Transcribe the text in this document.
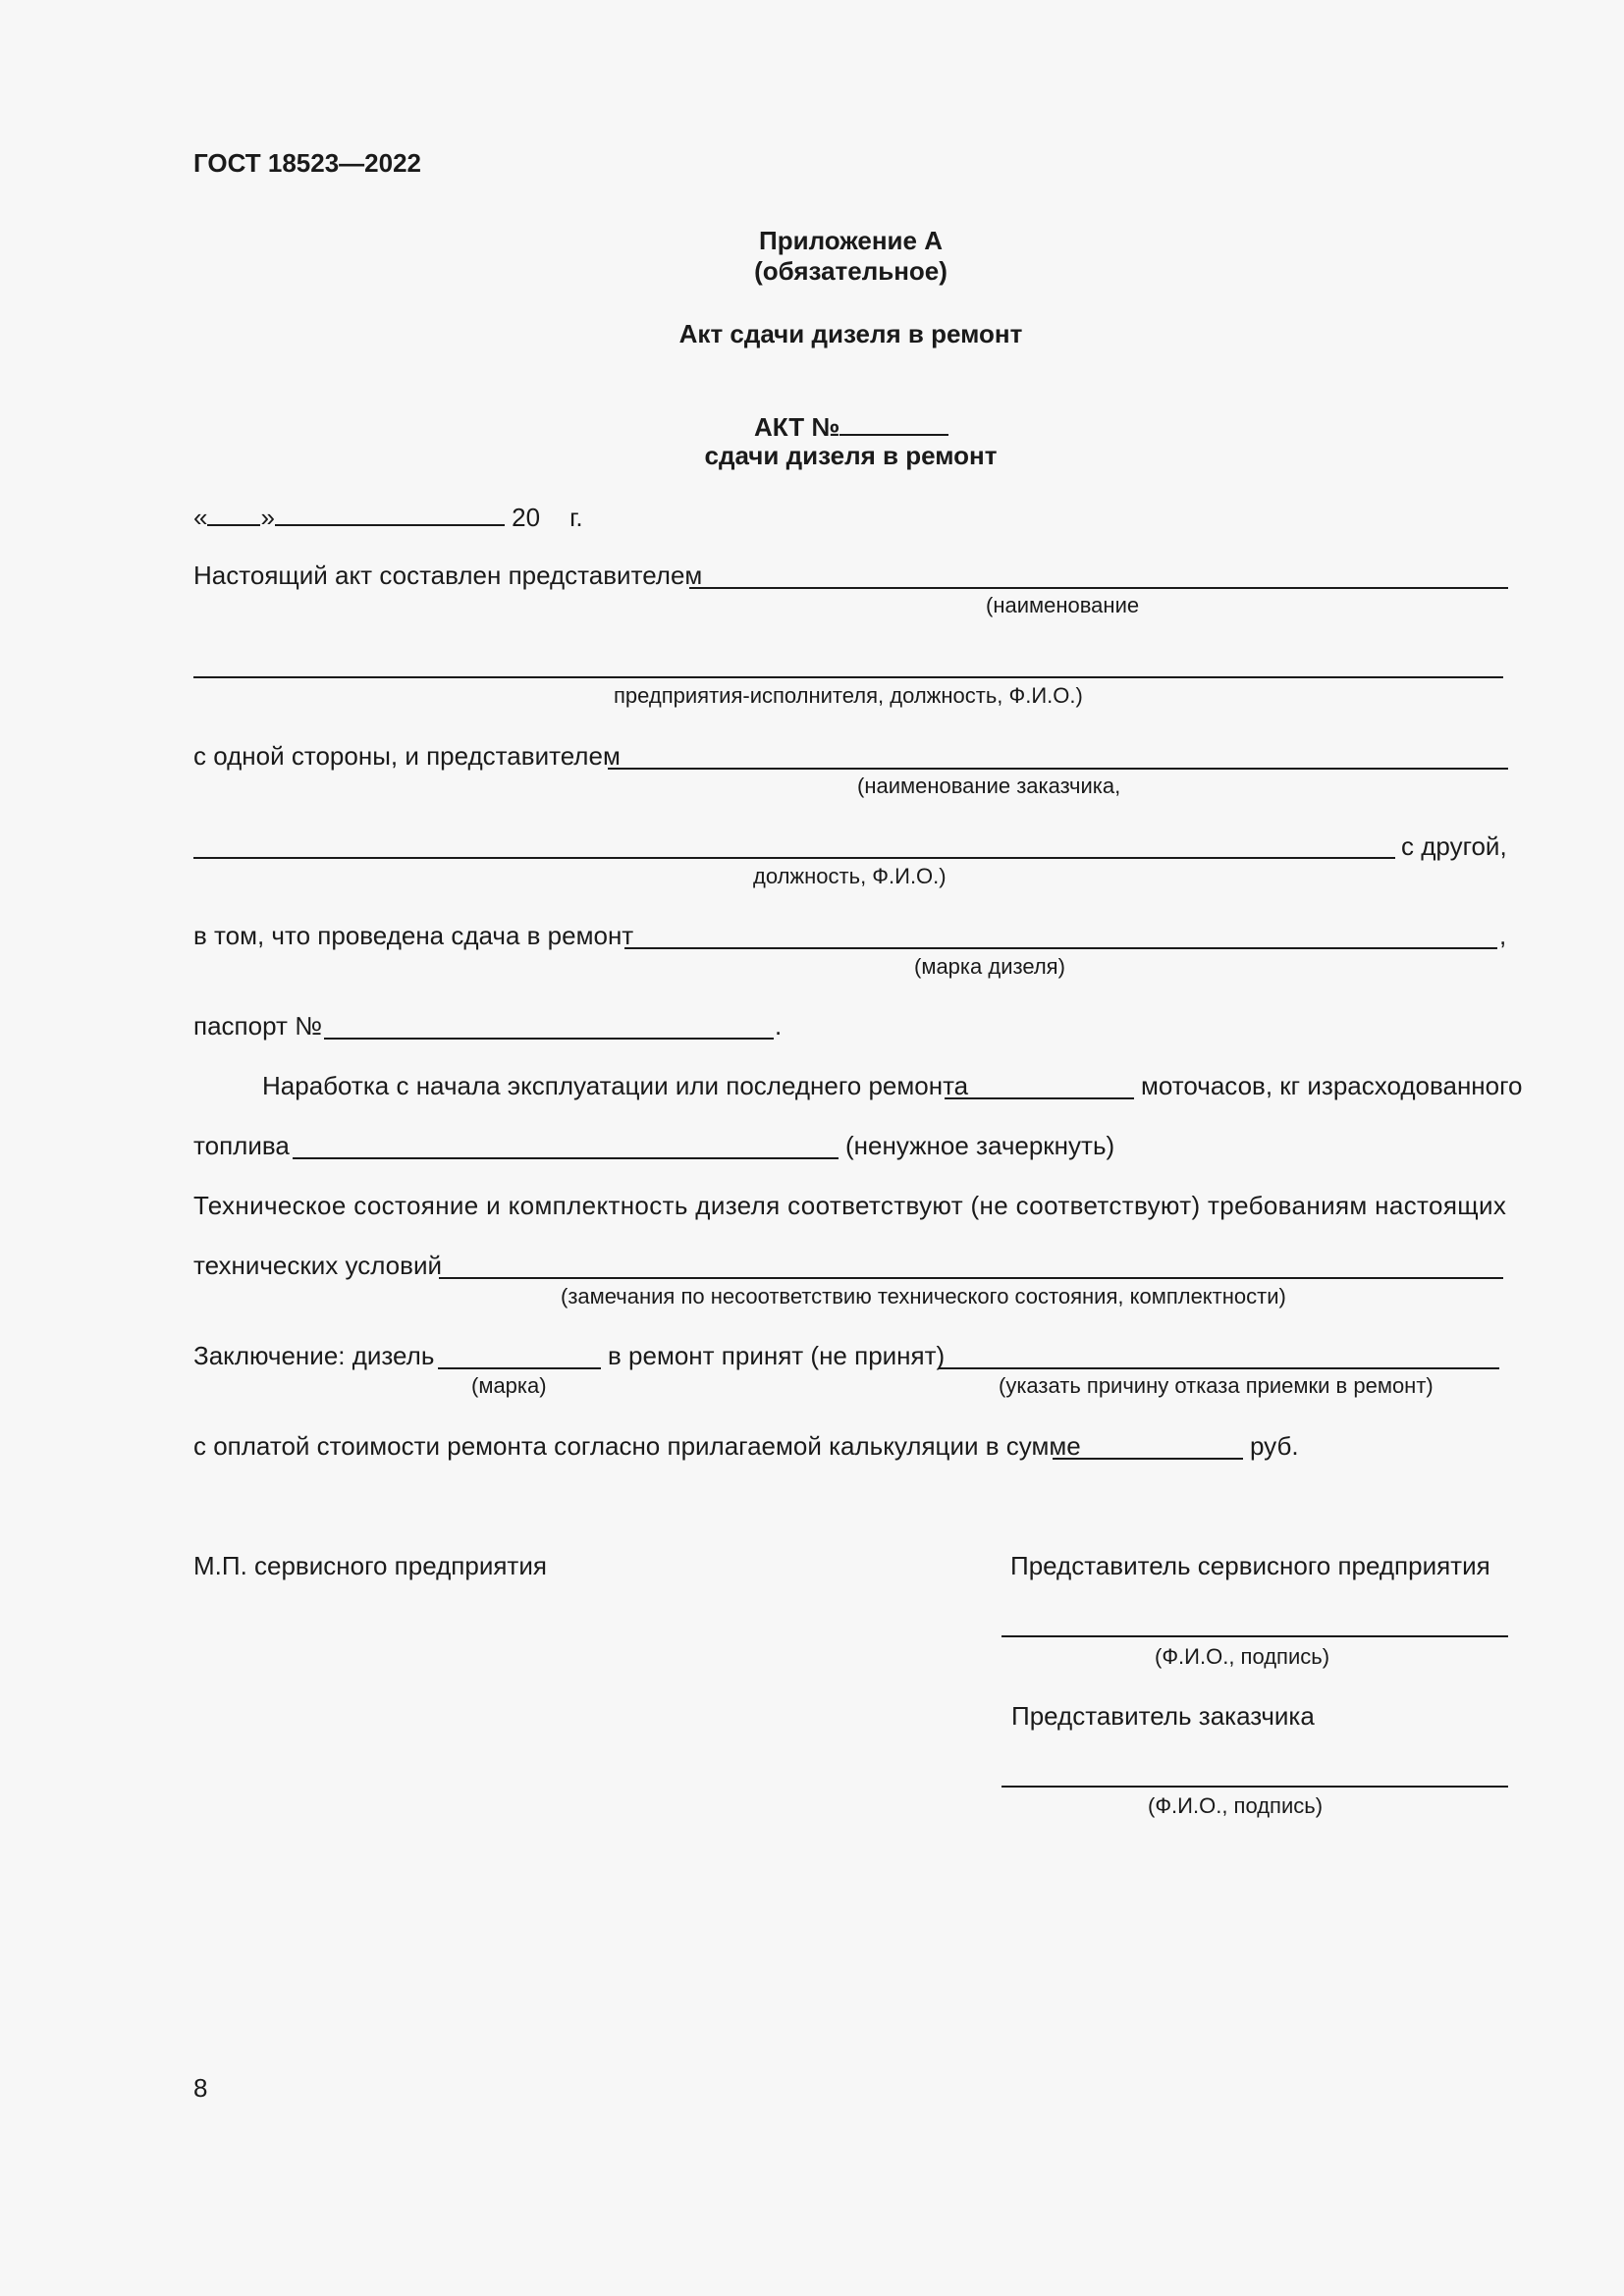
ГОСТ 18523—2022
Приложение А
(обязательное)
Акт сдачи дизеля в ремонт
АКТ №
сдачи дизеля в ремонт
« »	20 г.
Настоящий акт составлен представителем
(наименование
предприятия-исполнителя, должность, Ф.И.О.)
с одной стороны, и представителем
(наименование заказчика,
с другой,
должность, Ф.И.О.)
в том, что проведена сдача в ремонт	,
(марка дизеля)
паспорт №	.
Наработка с начала эксплуатации или последнего ремонта	моточасов, кг израсходованного
топлива	(ненужное зачеркнуть)
Техническое состояние и комплектность дизеля соответствуют (не соответствуют) требованиям настоящих
технических условий
(замечания по несоответствию технического состояния, комплектности)
Заключение: дизель	в ремонт принят (не принят)
(марка)	(указать причину отказа приемки в ремонт)
с оплатой стоимости ремонта согласно прилагаемой калькуляции в сумме	руб.
М.П. сервисного предприятия	Представитель сервисного предприятия
(Ф.И.О., подпись)
Представитель заказчика
(Ф.И.О., подпись)
8
